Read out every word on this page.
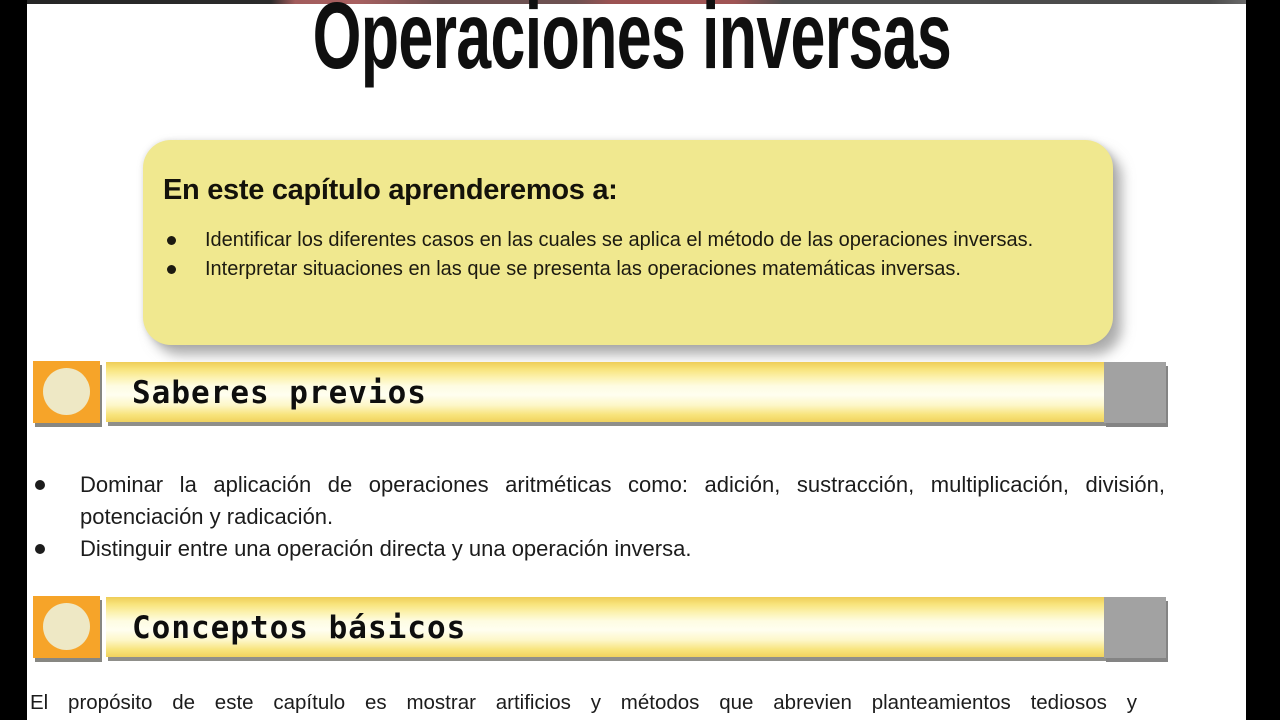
Operaciones inversas
En este capítulo aprenderemos a:
Identificar los diferentes casos en las cuales se aplica el método de las operaciones inversas.
Interpretar situaciones en las que se presenta las operaciones matemáticas inversas.
Saberes previos
Dominar la aplicación de operaciones aritméticas como: adición, sustracción, multiplicación, división, potenciación y radicación.
Distinguir entre una operación directa y una operación inversa.
Conceptos básicos

El propósito de este capítulo es mostrar artificios y métodos que abrevien planteamientos tediosos y
